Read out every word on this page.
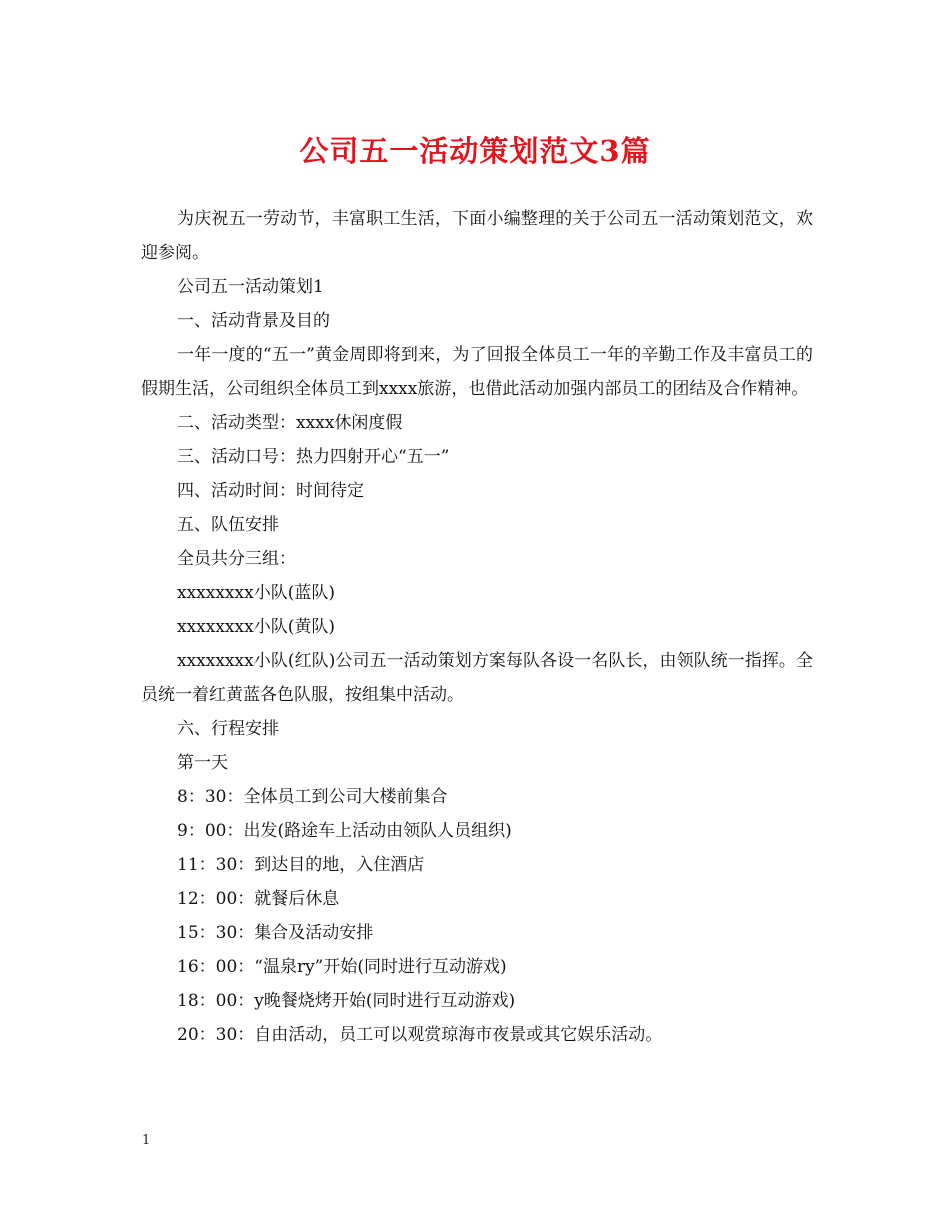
公司五一活动策划范文3篇

为庆祝五一劳动节，丰富职工生活，下面小编整理的关于公司五一活动策划范文，欢迎参阅。

公司五一活动策划1

一、活动背景及目的

一年一度的“五一”黄金周即将到来，为了回报全体员工一年的辛勤工作及丰富员工的假期生活，公司组织全体员工到xxxx旅游，也借此活动加强内部员工的团结及合作精神。

二、活动类型：xxxx休闲度假

三、活动口号：热力四射开心“五一”

四、活动时间：时间待定

五、队伍安排

全员共分三组：

xxxxxxxx小队(蓝队)

xxxxxxxx小队(黄队)

xxxxxxxx小队(红队)公司五一活动策划方案每队各设一名队长，由领队统一指挥。全员统一着红黄蓝各色队服，按组集中活动。

六、行程安排

第一天

8：30：全体员工到公司大楼前集合

9：00：出发(路途车上活动由领队人员组织)

11：30：到达目的地，入住酒店

12：00：就餐后休息

15：30：集合及活动安排

16：00：“温泉ry”开始(同时进行互动游戏)

18：00：y晚餐烧烤开始(同时进行互动游戏)

20：30：自由活动，员工可以观赏琼海市夜景或其它娱乐活动。

1
